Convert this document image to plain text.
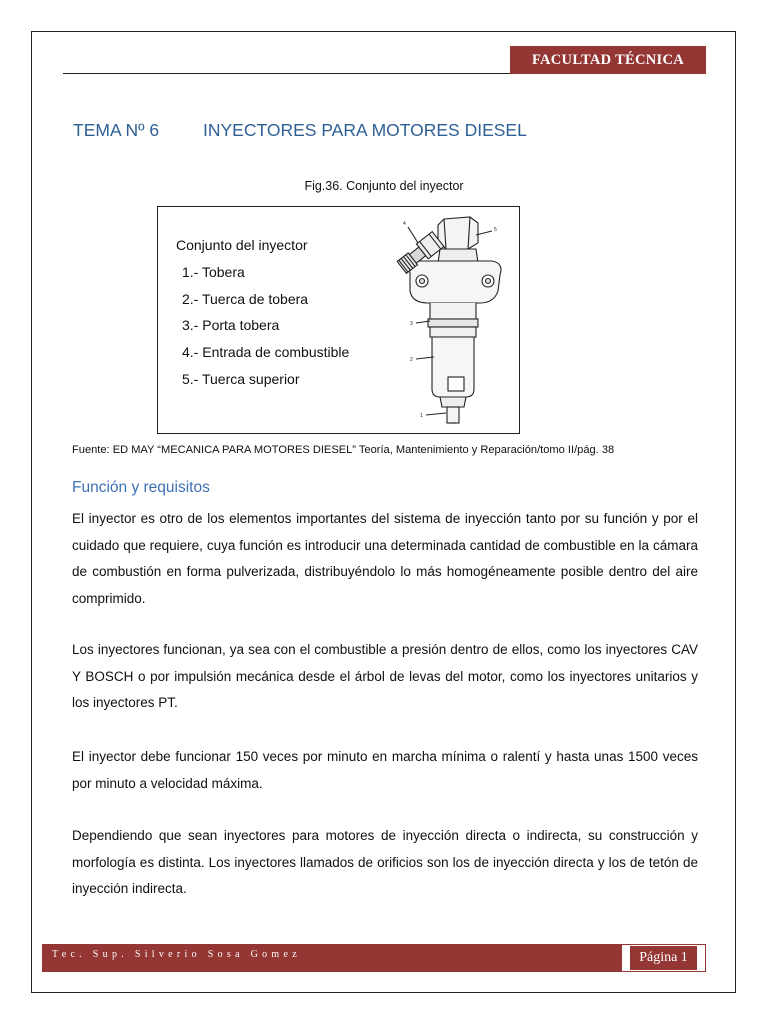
FACULTAD TÉCNICA
TEMA Nº 6	INYECTORES PARA MOTORES DIESEL
Fig.36. Conjunto del inyector
Conjunto del inyector
1.- Tobera
2.- Tuerca de tobera
3.- Porta tobera
4.- Entrada de combustible
5.- Tuerca superior
5
4
3
2
1
Fuente: ED MAY “MECANICA PARA MOTORES DIESEL” Teoría, Mantenimiento y Reparación/tomo II/pág. 38
Función y requisitos
El inyector es otro de los elementos importantes del sistema de inyección tanto por su función y por el cuidado que requiere, cuya función es introducir una determinada cantidad de combustible en la cámara de combustión en forma pulverizada, distribuyéndolo lo más homogéneamente posible dentro del aire comprimido.
Los inyectores funcionan, ya sea con el combustible a presión dentro de ellos, como los inyectores CAV Y BOSCH o por impulsión mecánica desde el árbol de levas del motor, como los inyectores unitarios y los inyectores PT.
El inyector debe funcionar 150 veces por minuto en marcha mínima o ralentí y hasta unas 1500 veces por minuto a velocidad máxima.
Dependiendo que sean inyectores para motores de inyección directa o indirecta, su construcción y morfología es distinta. Los inyectores llamados de orificios son los de inyección directa y los de tetón de inyección indirecta.
Tec. Sup. Silverio Sosa Gomez	Página 1
